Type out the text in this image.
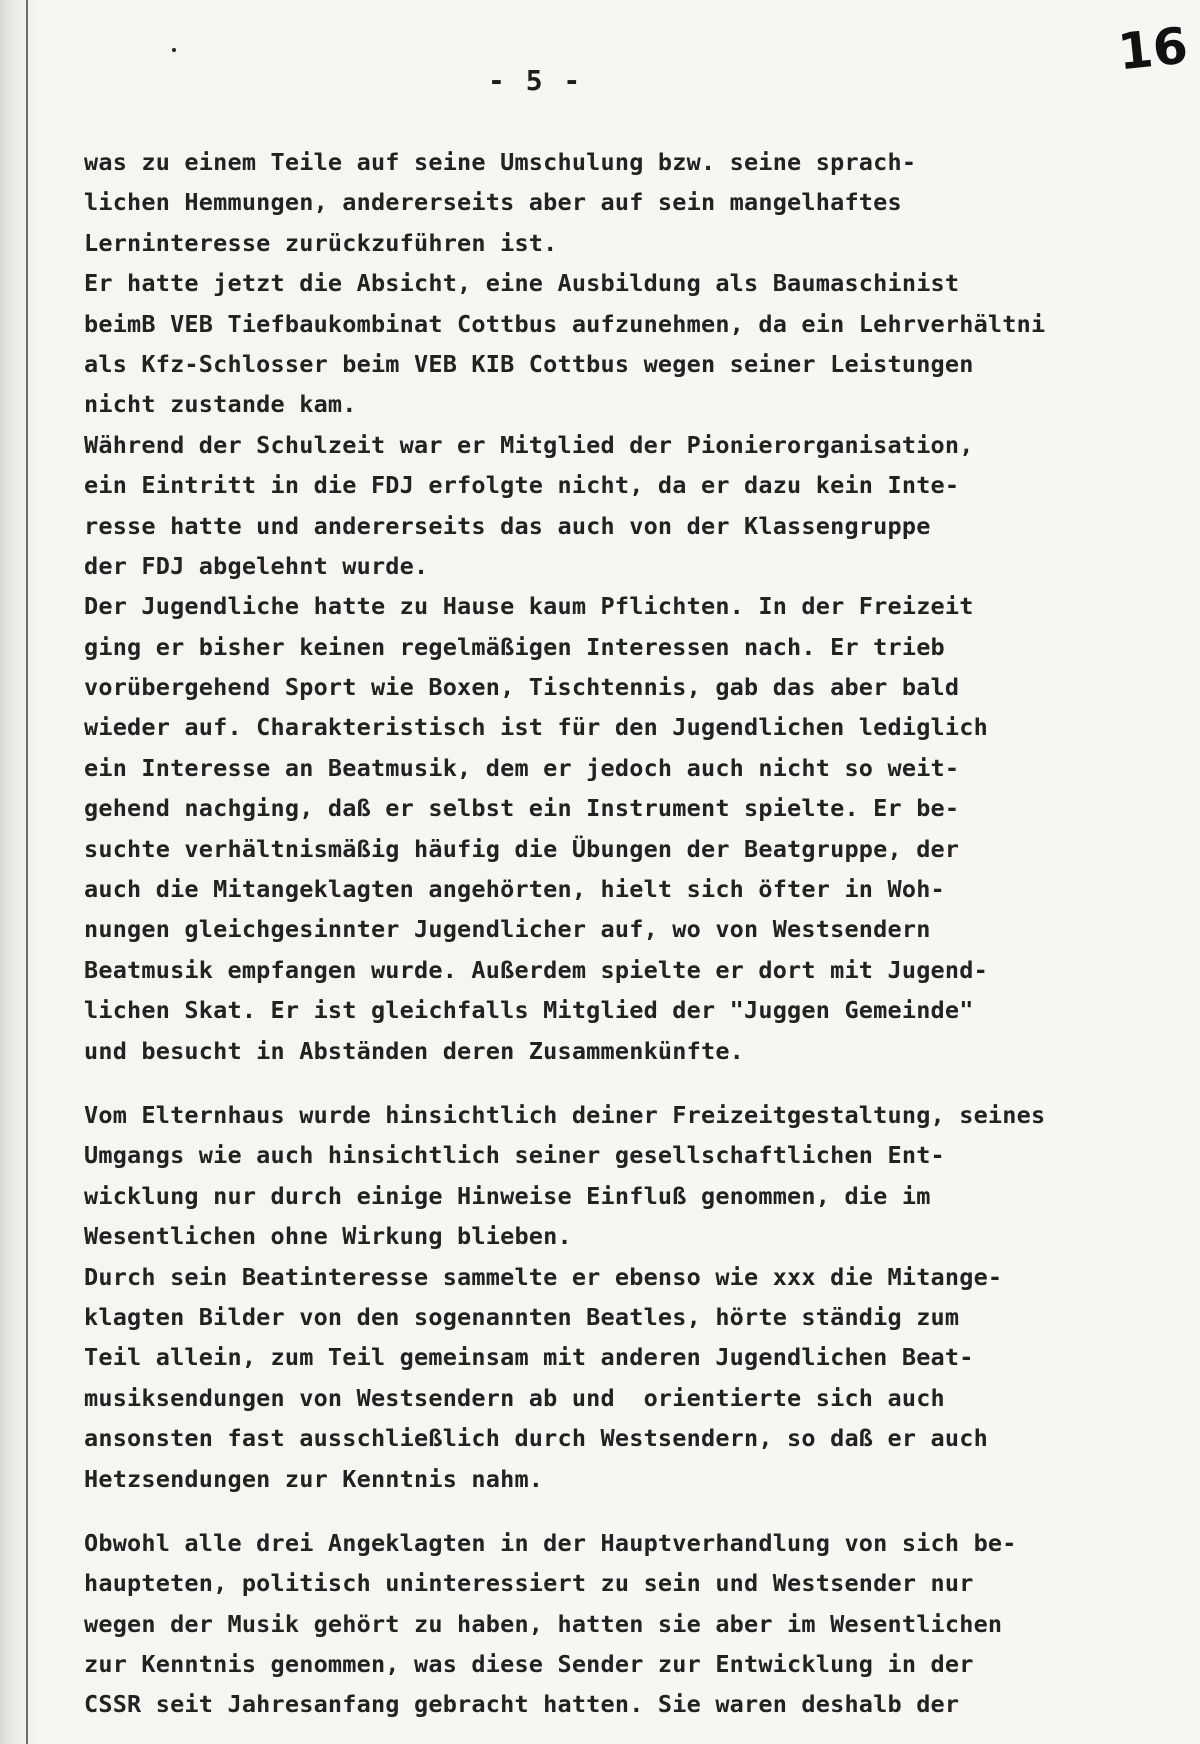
- 5 -	16
was zu einem Teile auf seine Umschulung bzw. seine sprach-
lichen Hemmungen, andererseits aber auf sein mangelhaftes
Lerninteresse zurückzuführen ist.
Er hatte jetzt die Absicht, eine Ausbildung als Baumaschinist
beimB VEB Tiefbaukombinat Cottbus aufzunehmen, da ein Lehrverhältni
als Kfz-Schlosser beim VEB KIB Cottbus wegen seiner Leistungen
nicht zustande kam.
Während der Schulzeit war er Mitglied der Pionierorganisation,
ein Eintritt in die FDJ erfolgte nicht, da er dazu kein Inte-
resse hatte und andererseits das auch von der Klassengruppe
der FDJ abgelehnt wurde.
Der Jugendliche hatte zu Hause kaum Pflichten. In der Freizeit
ging er bisher keinen regelmäßigen Interessen nach. Er trieb
vorübergehend Sport wie Boxen, Tischtennis, gab das aber bald
wieder auf. Charakteristisch ist für den Jugendlichen lediglich
ein Interesse an Beatmusik, dem er jedoch auch nicht so weit-
gehend nachging, daß er selbst ein Instrument spielte. Er be-
suchte verhältnismäßig häufig die Übungen der Beatgruppe, der
auch die Mitangeklagten angehörten, hielt sich öfter in Woh-
nungen gleichgesinnter Jugendlicher auf, wo von Westsendern
Beatmusik empfangen wurde. Außerdem spielte er dort mit Jugend-
lichen Skat. Er ist gleichfalls Mitglied der "Juggen Gemeinde"
und besucht in Abständen deren Zusammenkünfte.
Vom Elternhaus wurde hinsichtlich deiner Freizeitgestaltung, seines
Umgangs wie auch hinsichtlich seiner gesellschaftlichen Ent-
wicklung nur durch einige Hinweise Einfluß genommen, die im
Wesentlichen ohne Wirkung blieben.
Durch sein Beatinteresse sammelte er ebenso wie xxx die Mitange-
klagten Bilder von den sogenannten Beatles, hörte ständig zum
Teil allein, zum Teil gemeinsam mit anderen Jugendlichen Beat-
musiksendungen von Westsendern ab und  orientierte sich auch
ansonsten fast ausschließlich durch Westsendern, so daß er auch
Hetzsendungen zur Kenntnis nahm.
Obwohl alle drei Angeklagten in der Hauptverhandlung von sich be-
haupteten, politisch uninteressiert zu sein und Westsender nur
wegen der Musik gehört zu haben, hatten sie aber im Wesentlichen
zur Kenntnis genommen, was diese Sender zur Entwicklung in der
CSSR seit Jahresanfang gebracht hatten. Sie waren deshalb der
